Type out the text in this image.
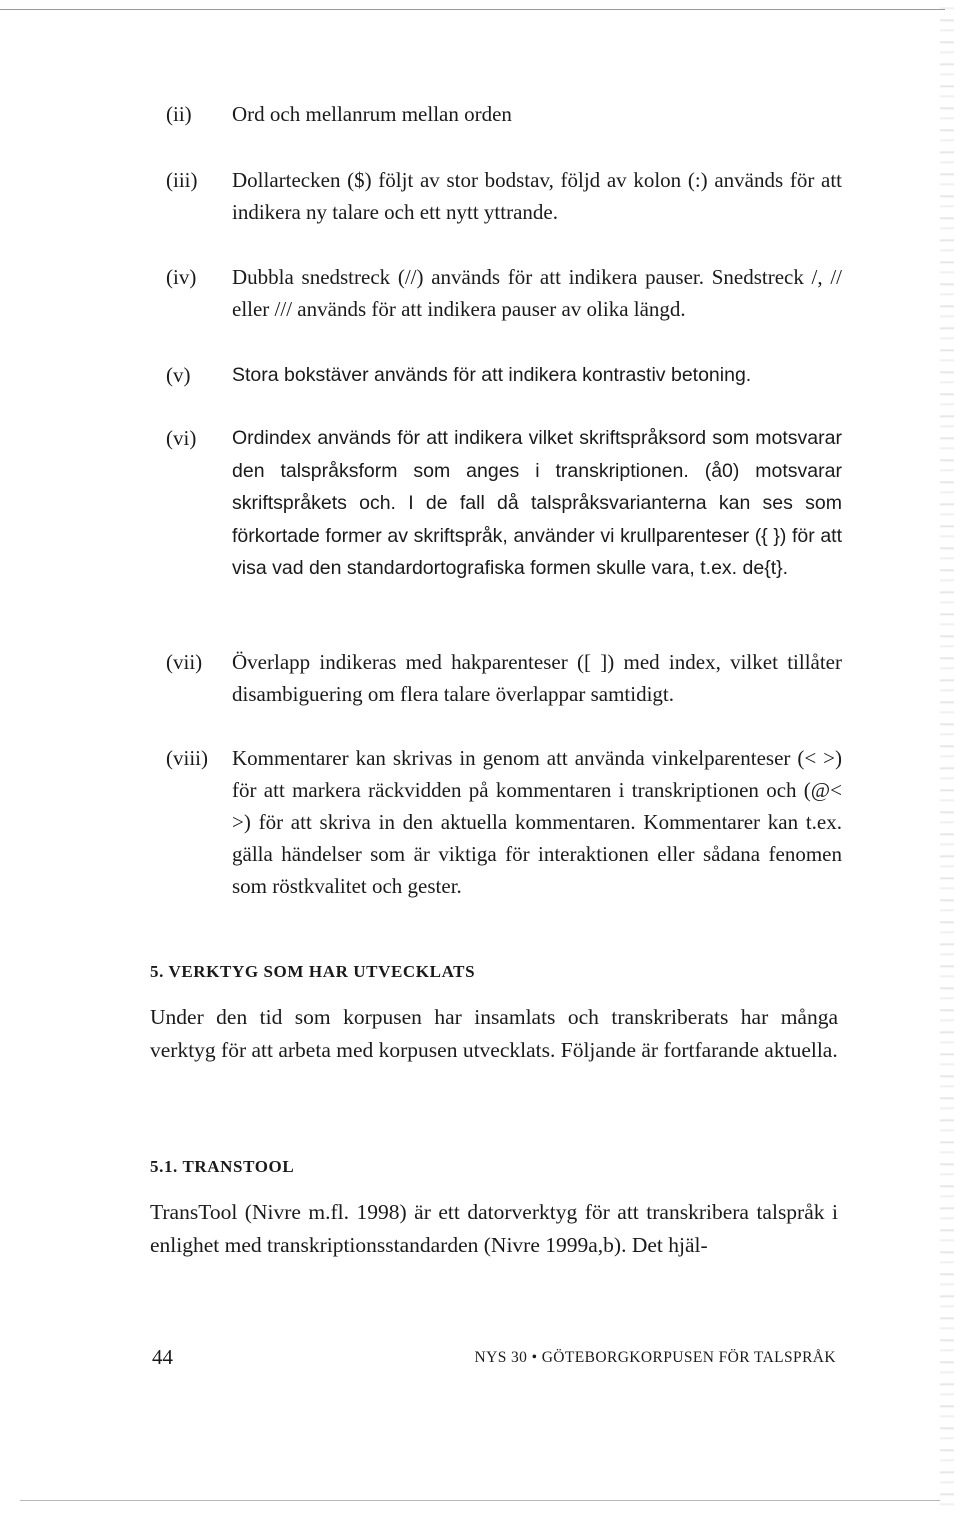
(ii) Ord och mellanrum mellan orden
(iii) Dollartecken ($) följt av stor bodstav, följd av kolon (:) används för att indikera ny talare och ett nytt yttrande.
(iv) Dubbla snedstreck (//) används för att indikera pauser. Snedstreck /, // eller /// används för att indikera pauser av olika längd.
(v) Stora bokstäver används för att indikera kontrastiv betoning.
(vi) Ordindex används för att indikera vilket skriftspråksord som motsvarar den talspråksform som anges i transkriptionen. (å0) motsvarar skriftspråkets och. I de fall då talspråksvarianterna kan ses som förkortade former av skriftspråk, använder vi krullparenteser ({ }) för att visa vad den standardortografiska formen skulle vara, t.ex. de{t}.
(vii) Överlapp indikeras med hakparenteser ([ ]) med index, vilket tillåter disambiguering om flera talare överlappar samtidigt.
(viii) Kommentarer kan skrivas in genom att använda vinkelparenteser (< >) för att markera räckvidden på kommentaren i transkriptionen och (@< >) för att skriva in den aktuella kommentaren. Kommentarer kan t.ex. gälla händelser som är viktiga för interaktionen eller sådana fenomen som röstkvalitet och gester.
5. VERKTYG SOM HAR UTVECKLATS
Under den tid som korpusen har insamlats och transkriberats har många verktyg för att arbeta med korpusen utvecklats. Följande är fortfarande aktuella.
5.1. TRANSTOOL
TransTool (Nivre m.fl. 1998) är ett datorverktyg för att transkribera talspråk i enlighet med transkriptionsstandarden (Nivre 1999a,b). Det hjäl-
44	NYS 30 • GÖTEBORGKORPUSEN FÖR TALSPRÅK
